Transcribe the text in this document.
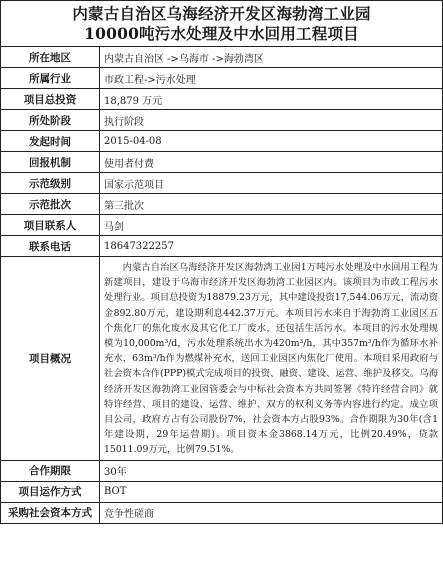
内蒙古自治区乌海经济开发区海勃湾工业园
10000吨污水处理及中水回用工程项目
所在地区	内蒙古自治区 ->乌海市 ->海勃湾区
所属行业	市政工程->污水处理
项目总投资	18,879 万元
所处阶段	执行阶段
发起时间	2015-04-08
回报机制	使用者付费
示范级别	国家示范项目
示范批次	第三批次
项目联系人	马剑
联系电话	18647322257
项目概况	内蒙古自治区乌海经济开发区海勃湾工业园1万吨污水处理及中水回用工程为新建项目，建设于乌海市经济开发区海勃湾工业园区内。该项目为市政工程污水处理行业。项目总投资为18879.23万元，其中建设投资17,544.06万元，流动资金892.80万元，建设期利息442.37万元。本项目污水来自于海勃湾工业园区五个焦化厂的焦化废水及其它化工厂废水，还包括生活污水。本项目的污水处理规模为10,000m³/d，污水处理系统出水为420m³/h，其中357m³/h作为循环水补充水，63m³/h作为燃煤补充水，送回工业园区内焦化厂使用。本项目采用政府与社会资本合作(PPP)模式完成项目的投资、融资、建设、运营、维护及移交。乌海经济开发区海勃湾工业园管委会与中标社会资本方共同签署《特许经营合同》就特许经营、项目的建设、运营、维护、双方的权利义务等内容进行约定。成立项目公司，政府方占有公司股份7%，社会资本方占股93%。合作期限为30年(含1年建设期，29年运营期)。项目资本金3868.14万元，比例20.49%，贷款15011.09万元，比例79.51%。

合作期限	30年
项目运作方式	BOT
采购社会资本方式	竞争性磋商
